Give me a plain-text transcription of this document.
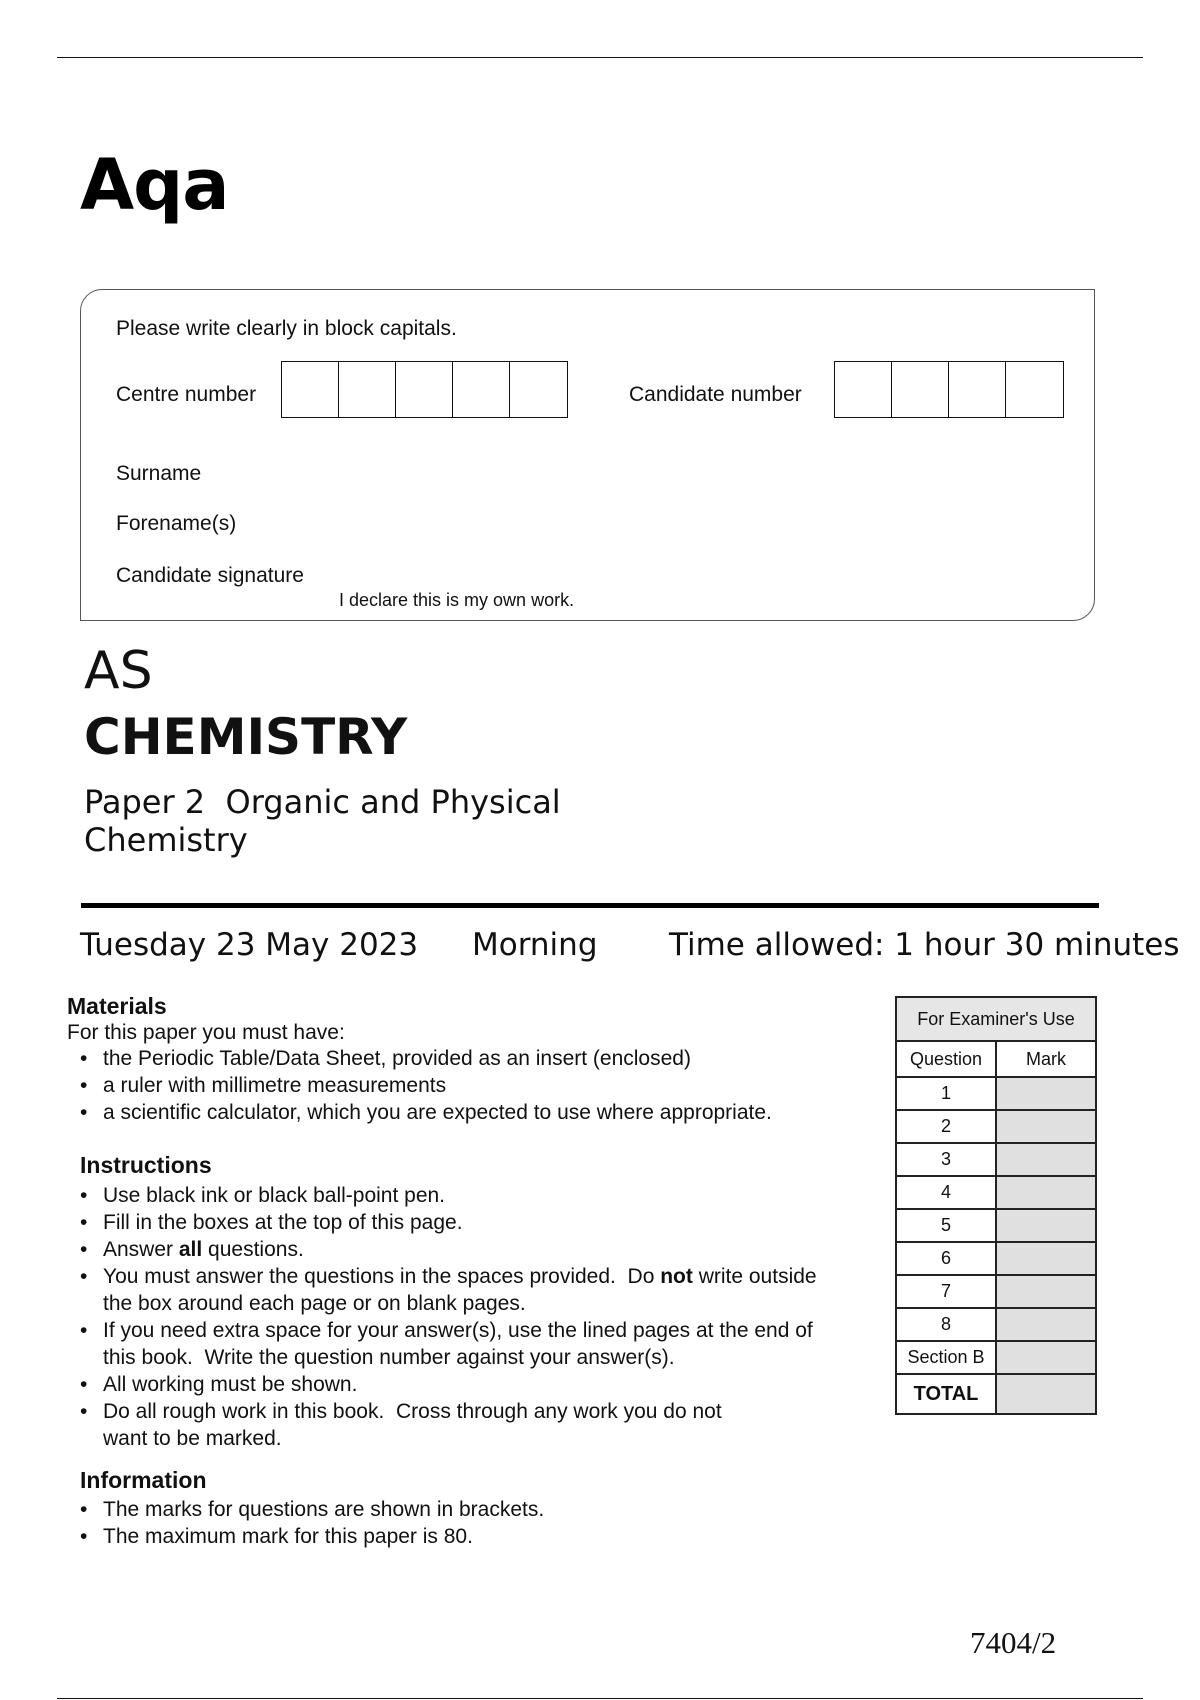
Aqa
Please write clearly in block capitals.
Centre number	Candidate number
Surname
Forename(s)
Candidate signature
I declare this is my own work.
AS
CHEMISTRY
Paper 2  Organic and Physical
Chemistry
Tuesday 23 May 2023 Morning Time allowed: 1 hour 30 minutes
Materials
For this paper you must have:
• the Periodic Table/Data Sheet, provided as an insert (enclosed)
• a ruler with millimetre measurements
• a scientific calculator, which you are expected to use where appropriate.
Instructions
• Use black ink or black ball-point pen.
• Fill in the boxes at the top of this page.
• Answer all questions.
• You must answer the questions in the spaces provided.  Do not write outside
the box around each page or on blank pages.
• If you need extra space for your answer(s), use the lined pages at the end of
this book.  Write the question number against your answer(s).
• All working must be shown.
• Do all rough work in this book.  Cross through any work you do not
want to be marked.
Information
• The marks for questions are shown in brackets.
• The maximum mark for this paper is 80.
For Examiner's Use	
Question	Mark
1	
2	
3	
4	
5	
6	
7	
8	
Section B	
TOTAL	
7404/2
